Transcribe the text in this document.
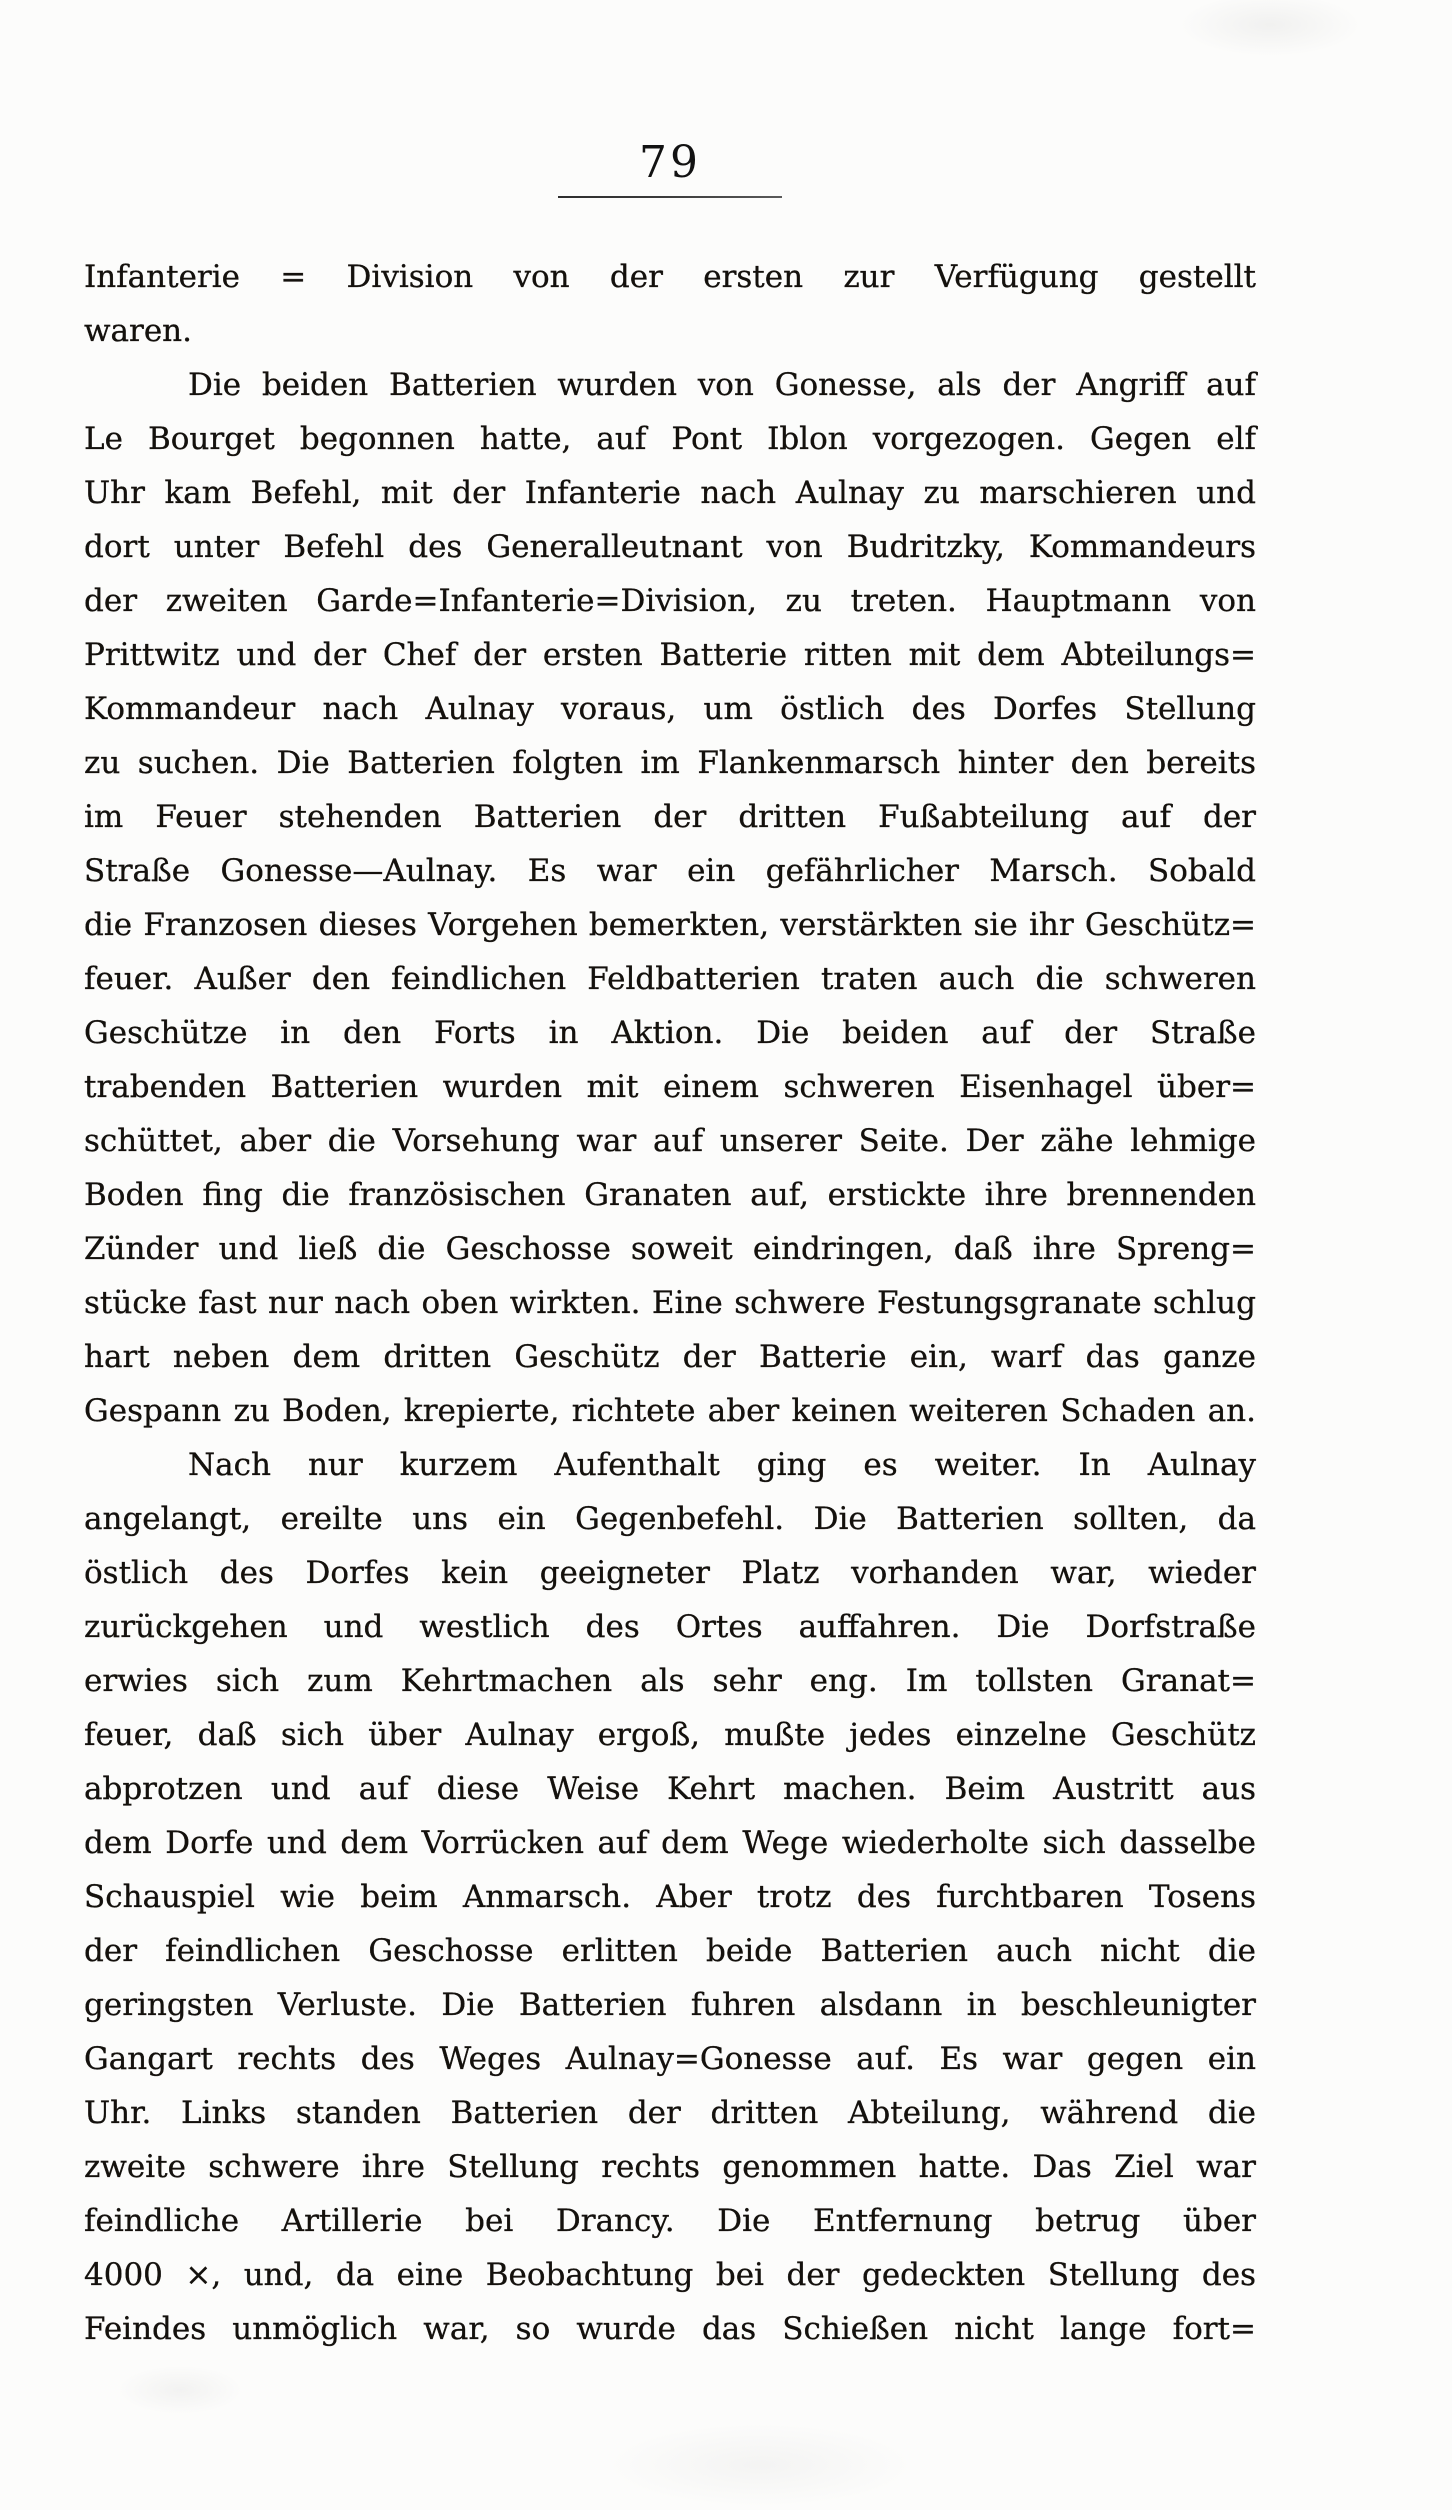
79
Infanterie = Division von der ersten zur Verfügung gestellt
waren.
Die beiden Batterien wurden von Gonesse, als der Angriff auf
Le Bourget begonnen hatte, auf Pont Iblon vorgezogen. Gegen elf
Uhr kam Befehl, mit der Infanterie nach Aulnay zu marschieren und
dort unter Befehl des Generalleutnant von Budritzky, Kommandeurs
der zweiten Garde=Infanterie=Division, zu treten. Hauptmann von
Prittwitz und der Chef der ersten Batterie ritten mit dem Abteilungs=
Kommandeur nach Aulnay voraus, um östlich des Dorfes Stellung
zu suchen. Die Batterien folgten im Flankenmarsch hinter den bereits
im Feuer stehenden Batterien der dritten Fußabteilung auf der
Straße Gonesse—Aulnay. Es war ein gefährlicher Marsch. Sobald
die Franzosen dieses Vorgehen bemerkten, verstärkten sie ihr Geschütz=
feuer. Außer den feindlichen Feldbatterien traten auch die schweren
Geschütze in den Forts in Aktion. Die beiden auf der Straße
trabenden Batterien wurden mit einem schweren Eisenhagel über=
schüttet, aber die Vorsehung war auf unserer Seite. Der zähe lehmige
Boden fing die französischen Granaten auf, erstickte ihre brennenden
Zünder und ließ die Geschosse soweit eindringen, daß ihre Spreng=
stücke fast nur nach oben wirkten. Eine schwere Festungsgranate schlug
hart neben dem dritten Geschütz der Batterie ein, warf das ganze
Gespann zu Boden, krepierte, richtete aber keinen weiteren Schaden an.
Nach nur kurzem Aufenthalt ging es weiter. In Aulnay
angelangt, ereilte uns ein Gegenbefehl. Die Batterien sollten, da
östlich des Dorfes kein geeigneter Platz vorhanden war, wieder
zurückgehen und westlich des Ortes auffahren. Die Dorfstraße
erwies sich zum Kehrtmachen als sehr eng. Im tollsten Granat=
feuer, daß sich über Aulnay ergoß, mußte jedes einzelne Geschütz
abprotzen und auf diese Weise Kehrt machen. Beim Austritt aus
dem Dorfe und dem Vorrücken auf dem Wege wiederholte sich dasselbe
Schauspiel wie beim Anmarsch. Aber trotz des furchtbaren Tosens
der feindlichen Geschosse erlitten beide Batterien auch nicht die
geringsten Verluste. Die Batterien fuhren alsdann in beschleunigter
Gangart rechts des Weges Aulnay=Gonesse auf. Es war gegen ein
Uhr. Links standen Batterien der dritten Abteilung, während die
zweite schwere ihre Stellung rechts genommen hatte. Das Ziel war
feindliche Artillerie bei Drancy. Die Entfernung betrug über
4000 ×, und, da eine Beobachtung bei der gedeckten Stellung des
Feindes unmöglich war, so wurde das Schießen nicht lange fort=
